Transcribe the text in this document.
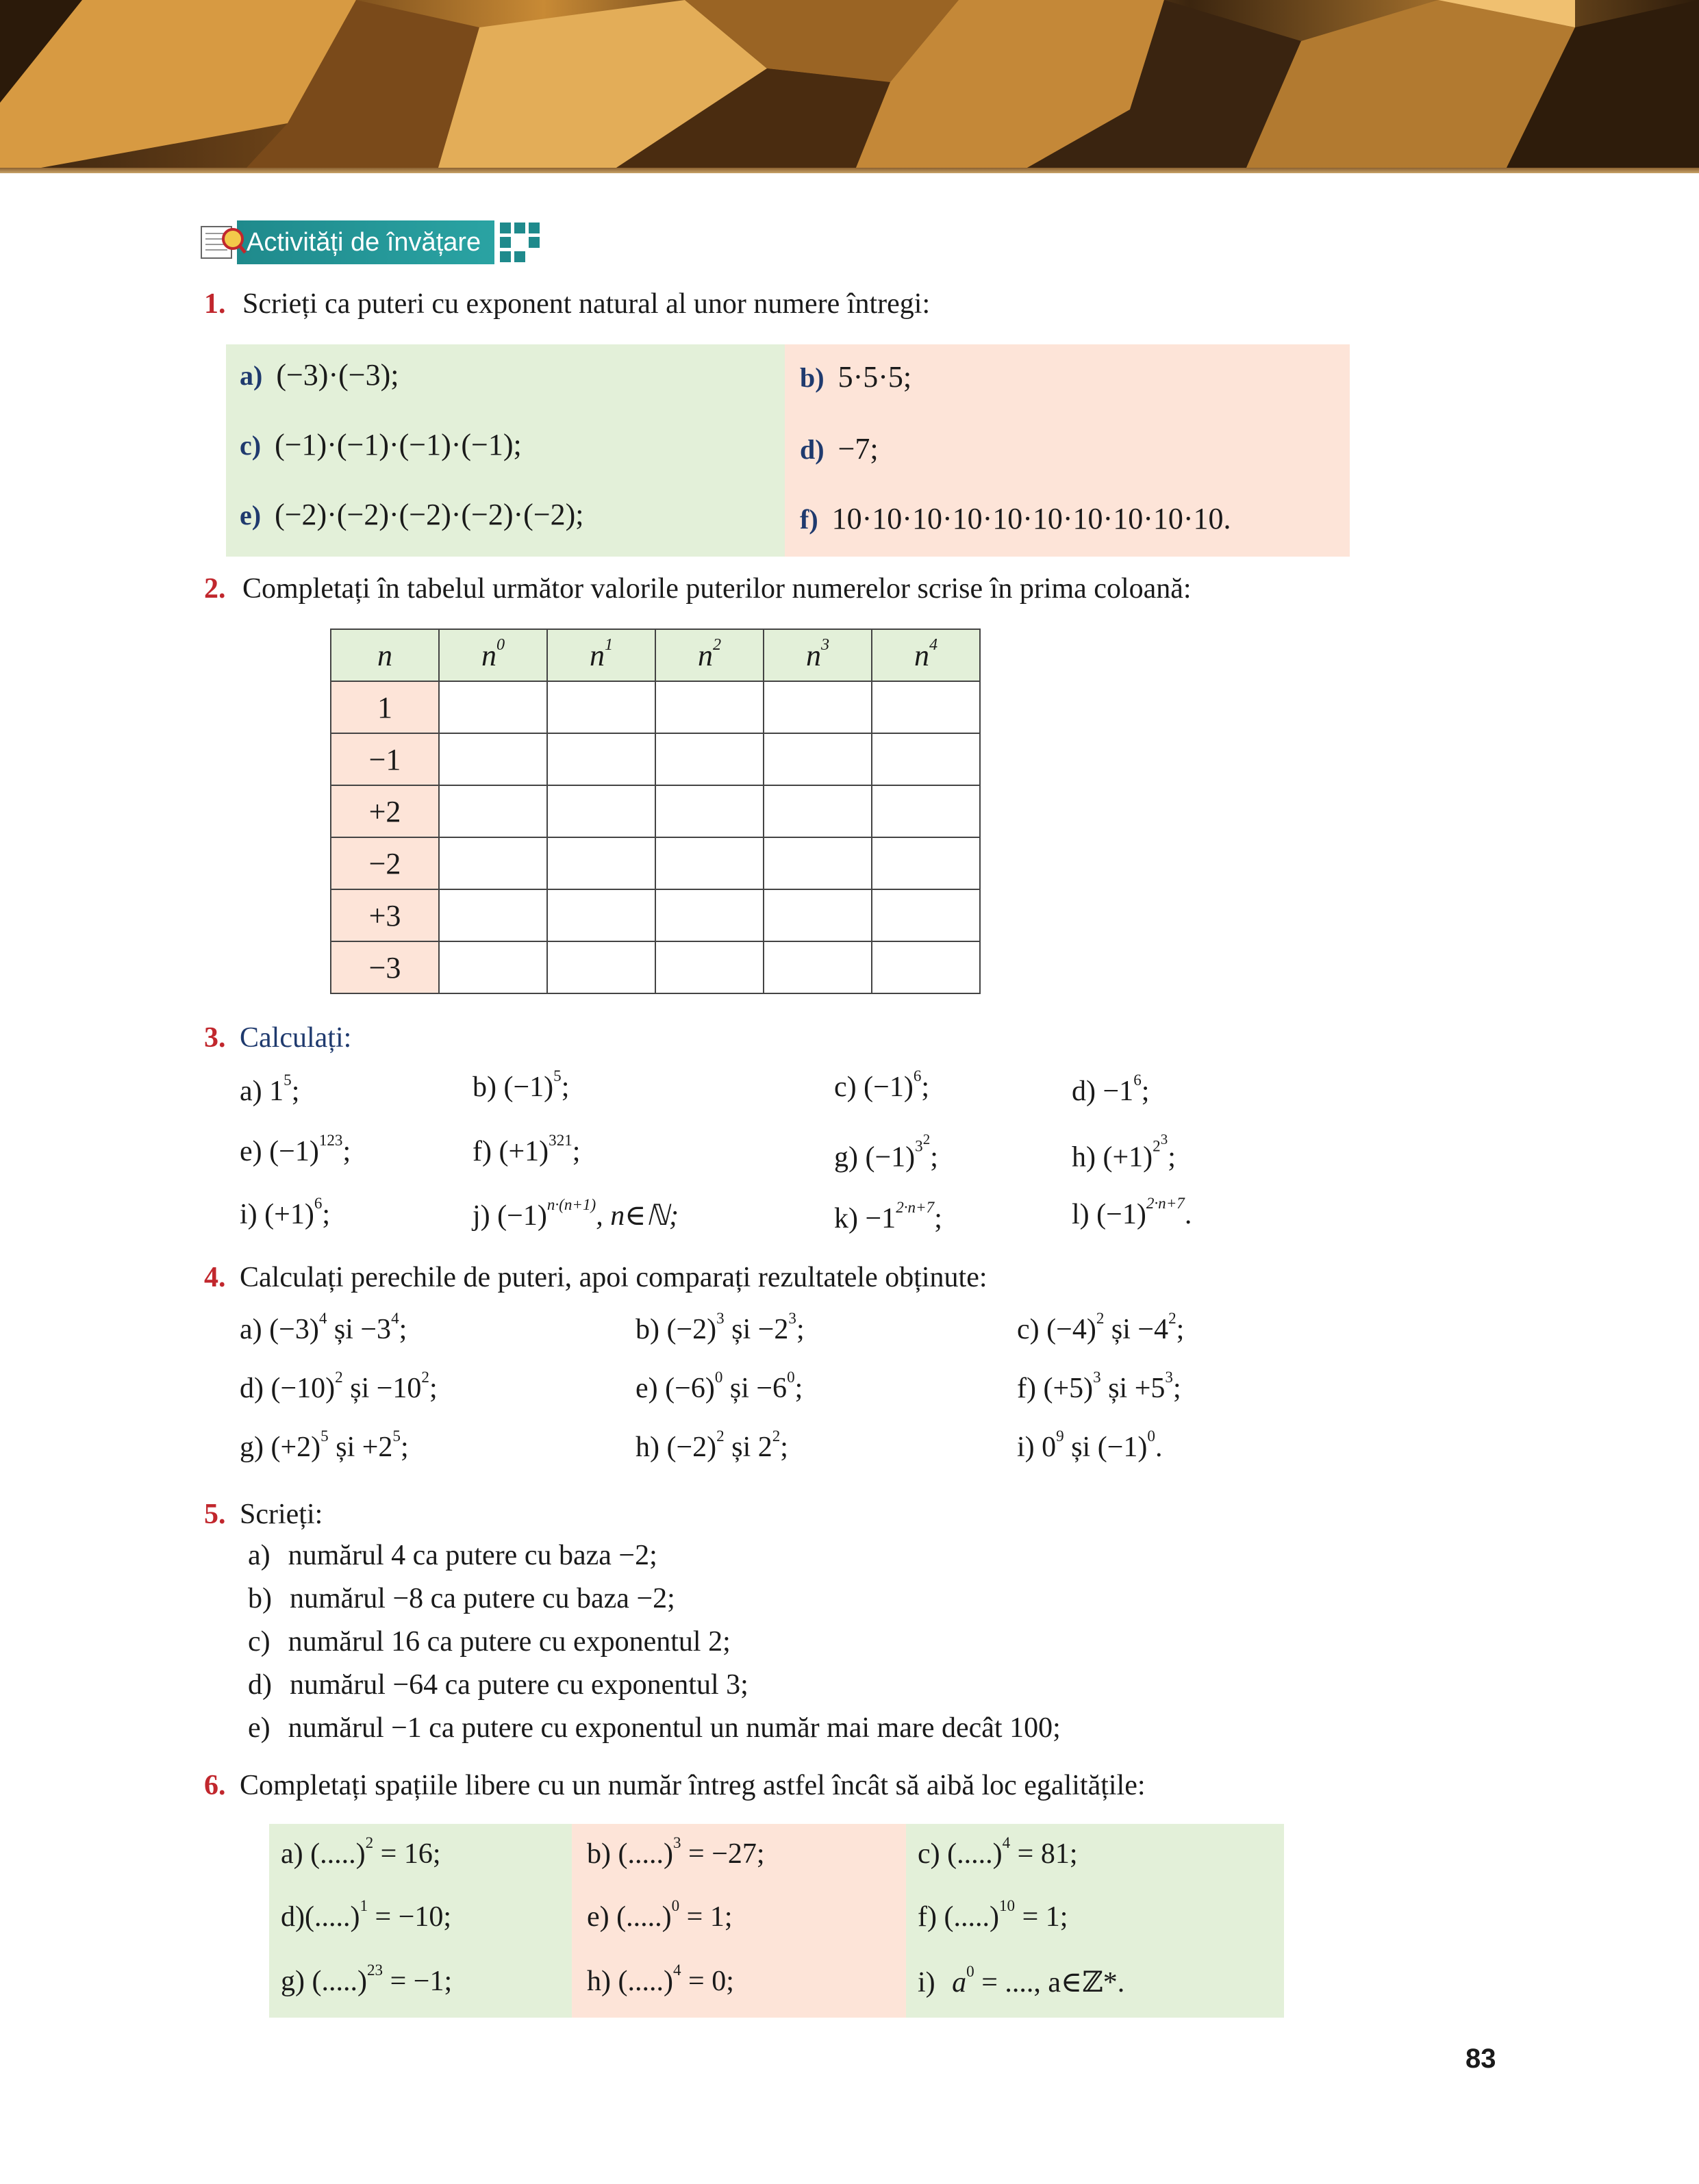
Activități de învățare
1. Scrieți ca puteri cu exponent natural al unor numere întregi:
a) (−3)·(−3);	b) 5·5·5;
c) (−1)·(−1)·(−1)·(−1);	d) −7;
e) (−2)·(−2)·(−2)·(−2)·(−2);	f) 10·10·10·10·10·10·10·10·10·10.
2. Completați în tabelul următor valorile puterilor numerelor scrise în prima coloană:
n	$n^0$	$n^1$	$n^2$	$n^3$	$n^4$
1					
−1					
+2					
−2					
+3					
−3					
3. Calculați:
a) $1^5$;	b) $(-1)^5$;	c) $(-1)^6$;	$d) -1^6$;
e) $(-1)^{123}$;	f) $(+1)^{321}$;	g) $(-1)^{32}$;	h) $(+1)^{23}$;
i) $(+1)^6$;	j) $(-1)^{n\cdot(n+1)}$, n∈ℕ;	$k) -1^{2\cdot n+7}$;	l) $(-1)^{2\cdot n+7}$.
4. Calculați perechile de puteri, apoi comparați rezultatele obținute:
a) $(-3)^4$ și $-3^4$;	b) $(-2)^3$ și $-2^3$;	c) $(-4)^2$ și $-4^2$;
d) $(-10)^2$ și $-10^2$;	e) $(-6)^0$ și $-6^0$;	f) $(+5)^3$ și $+5^3$;
g) $(+2)^5$ și $+2^5$;	h) $(-2)^2$ și $2^2$;	i) $0^9$ și $(-1)^0$.
5. Scrieți:
a) numărul 4 ca putere cu baza −2;
b) numărul −8 ca putere cu baza −2;
c) numărul 16 ca putere cu exponentul 2;
d) numărul −64 ca putere cu exponentul 3;
e) numărul −1 ca putere cu exponentul un număr mai mare decât 100;
6. Completați spațiile libere cu un număr întreg astfel încât să aibă loc egalitățile:
a) (.....)$^2$ = 16;	b) (.....)$^3$ = −27;	c) (.....)$^4$ = 81;
d)(.....)$^1$ = −10;	e) (.....)$^0$ = 1;	f) (.....)$^{10}$ = 1;
g) (.....)$^{23}$ = −1;	h) (.....)$^4$ = 0;	i) $a^0$ = ...., a∈ℤ*.
83
